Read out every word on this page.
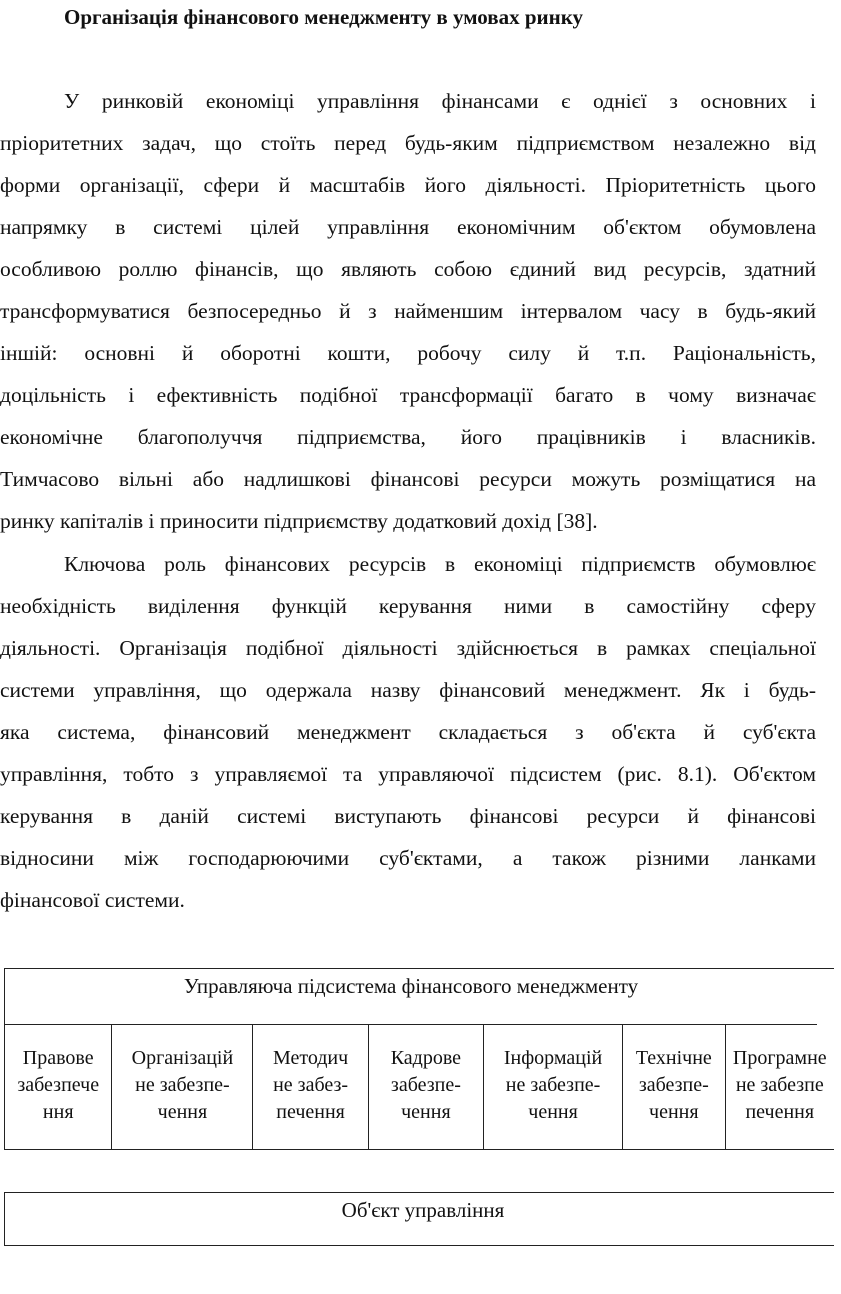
Організація фінансового менеджменту в умовах ринку
У ринковій економіці управління фінансами є однієї з основних і
пріоритетних задач, що стоїть перед будь-яким підприємством незалежно від
форми організації, сфери й масштабів його діяльності. Пріоритетність цього
напрямку в системі цілей управління економічним об'єктом обумовлена
особливою роллю фінансів, що являють собою єдиний вид ресурсів, здатний
трансформуватися безпосередньо й з найменшим інтервалом часу в будь-який
іншій: основні й оборотні кошти, робочу силу й т.п. Раціональність,
доцільність і ефективність подібної трансформації багато в чому визначає
економічне благополуччя підприємства, його працівників і власників.
Тимчасово вільні або надлишкові фінансові ресурси можуть розміщатися на
ринку капіталів і приносити підприємству додатковий дохід [38].
Ключова роль фінансових ресурсів в економіці підприємств обумовлює
необхідність виділення функцій керування ними в самостійну сферу
діяльності. Організація подібної діяльності здійснюється в рамках спеціальної
системи управління, що одержала назву фінансовий менеджмент. Як і будь-
яка система, фінансовий менеджмент складається з об'єкта й суб'єкта
управління, тобто з управляємої та управляючої підсистем (рис. 8.1). Об'єктом
керування в даній системі виступають фінансові ресурси й фінансові
відносини між господарюючими суб'єктами, а також різними ланками
фінансової системи.
Управляюча підсистема фінансового менеджменту
Правове
забезпече
ння
Організацій
не забезпе-
чення
Методич
не забез-
печення
Кадрове
забезпе-
чення
Інформацій
не забезпе-
чення
Технічне
забезпе-
чення
Програмне
не забезпе
печення
Об'єкт управління
